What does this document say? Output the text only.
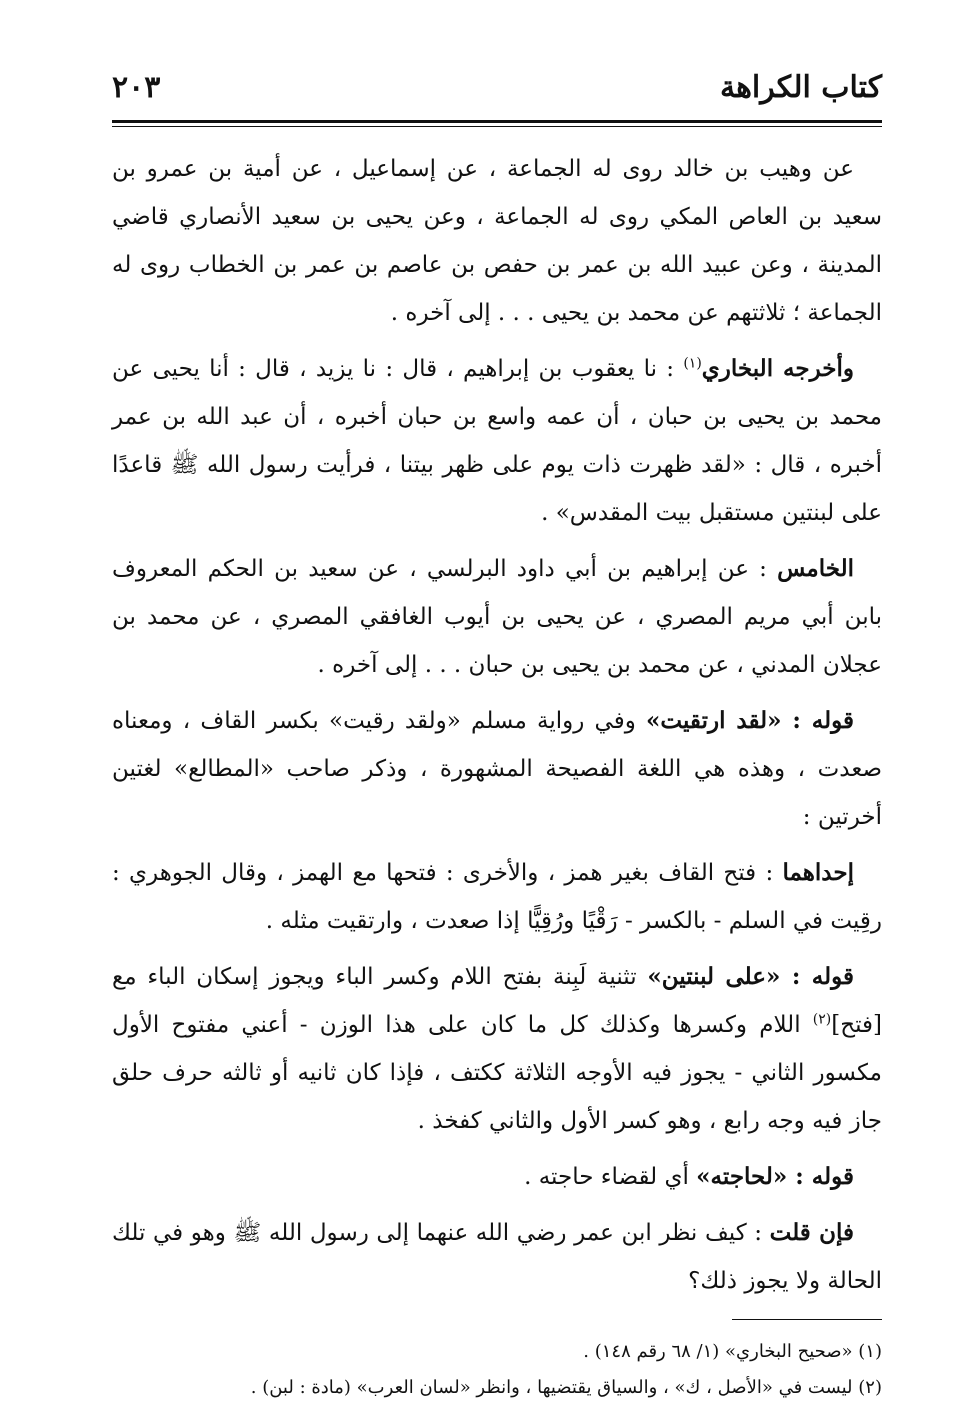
كتاب الكراهة
٢٠٣

عن وهيب بن خالد روى له الجماعة ، عن إسماعيل ، عن أمية بن عمرو بن سعيد بن العاص المكي روى له الجماعة ، وعن يحيى بن سعيد الأنصاري قاضي المدينة ، وعن عبيد الله بن عمر بن حفص بن عاصم بن عمر بن الخطاب روى له الجماعة ؛ ثلاثتهم عن محمد بن يحيى . . . إلى آخره .

وأخرجه البخاري$^{(١)}$ : نا يعقوب بن إبراهيم ، قال : نا يزيد ، قال : أنا يحيى عن محمد بن يحيى بن حبان ، أن عمه واسع بن حبان أخبره ، أن عبد الله بن عمر أخبره ، قال : «لقد ظهرت ذات يوم على ظهر بيتنا ، فرأيت رسول الله ﷺ قاعدًا على لبنتين مستقبل بيت المقدس» .

الخامس : عن إبراهيم بن أبي داود البرلسي ، عن سعيد بن الحكم المعروف بابن أبي مريم المصري ، عن يحيى بن أيوب الغافقي المصري ، عن محمد بن عجلان المدني ، عن محمد بن يحيى بن حبان . . . إلى آخره .

قوله : «لقد ارتقيت» وفي رواية مسلم «ولقد رقيت» بكسر القاف ، ومعناه صعدت ، وهذه هي اللغة الفصيحة المشهورة ، وذكر صاحب «المطالع» لغتين أخرتين :

إحداهما : فتح القاف بغير همز ، والأخرى : فتحها مع الهمز ، وقال الجوهري : رقِيت في السلم - بالكسر - رَقْيًا ورُقِيًّا إذا صعدت ، وارتقيت مثله .

قوله : «على لبنتين» تثنية لَبِنة بفتح اللام وكسر الباء ويجوز إسكان الباء مع [فتح]$^{(٢)}$ اللام وكسرها وكذلك كل ما كان على هذا الوزن - أعني مفتوح الأول مكسور الثاني - يجوز فيه الأوجه الثلاثة ككتف ، فإذا كان ثانيه أو ثالثه حرف حلق جاز فيه وجه رابع ، وهو كسر الأول والثاني كفخذ .

قوله : «لحاجته» أي لقضاء حاجته .

فإن قلت : كيف نظر ابن عمر رضي الله عنهما إلى رسول الله ﷺ وهو في تلك الحالة ولا يجوز ذلك؟

(١) «صحيح البخاري» (١/ ٦٨ رقم ١٤٨) .

(٢) ليست في «الأصل ، ك» ، والسياق يقتضيها ، وانظر «لسان العرب» (مادة : لبن) .
